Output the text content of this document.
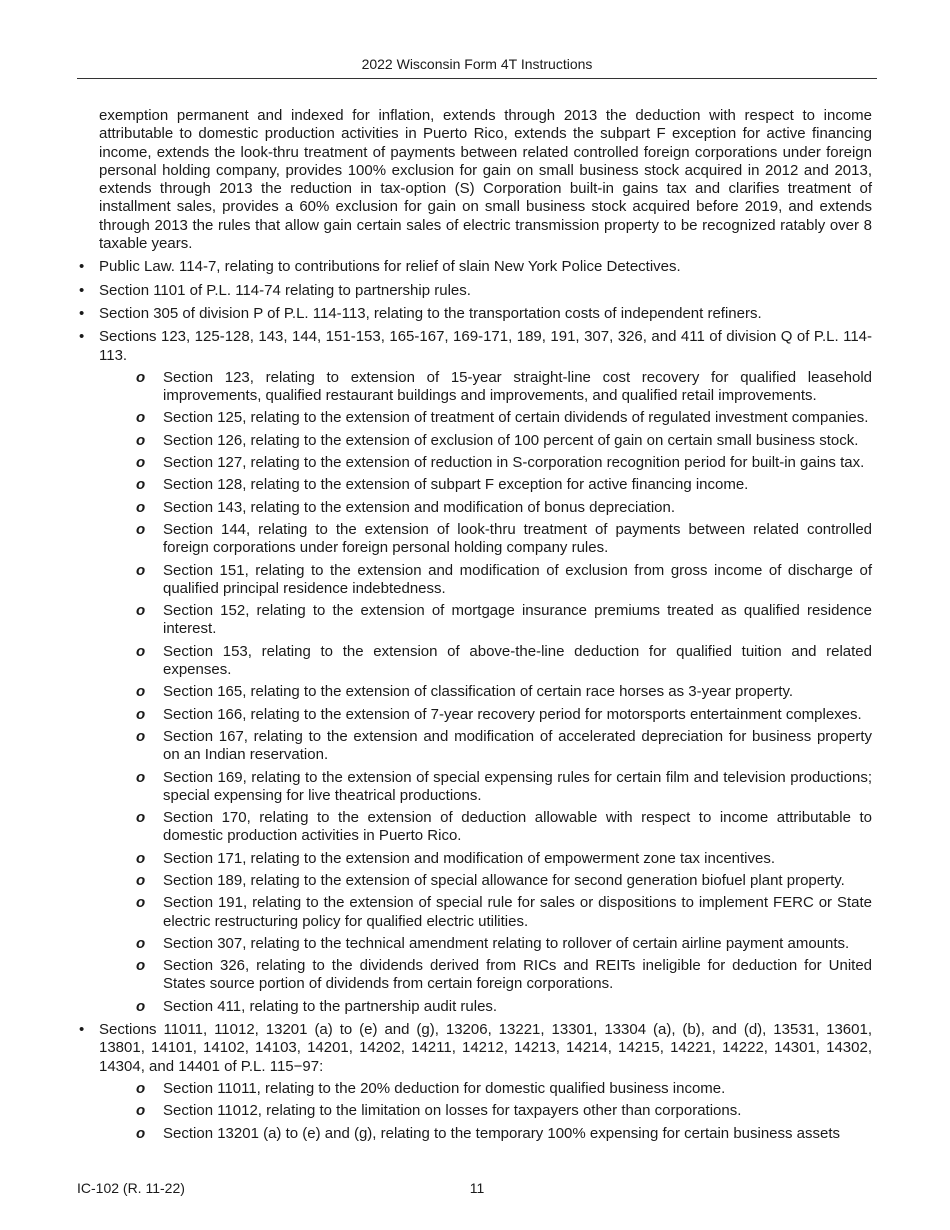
2022 Wisconsin Form 4T Instructions

exemption permanent and indexed for inflation, extends through 2013 the deduction with respect to income attributable to domestic production activities in Puerto Rico, extends the subpart F exception for active financing income, extends the look-thru treatment of payments between related controlled foreign corporations under foreign personal holding company, provides 100% exclusion for gain on small business stock acquired in 2012 and 2013, extends through 2013 the reduction in tax-option (S) Corporation built-in gains tax and clarifies treatment of installment sales, provides a 60% exclusion for gain on small business stock acquired before 2019, and extends through 2013 the rules that allow gain certain sales of electric transmission property to be recognized ratably over 8 taxable years.

• Public Law. 114-7, relating to contributions for relief of slain New York Police Detectives.
• Section 1101 of P.L. 114-74 relating to partnership rules.
• Section 305 of division P of P.L. 114-113, relating to the transportation costs of independent refiners.
• Sections 123, 125-128, 143, 144, 151-153, 165-167, 169-171, 189, 191, 307, 326, and 411 of division Q of P.L. 114-113.
o Section 123, relating to extension of 15-year straight-line cost recovery for qualified leasehold improvements, qualified restaurant buildings and improvements, and qualified retail improvements.
o Section 125, relating to the extension of treatment of certain dividends of regulated investment companies.
o Section 126, relating to the extension of exclusion of 100 percent of gain on certain small business stock.
o Section 127, relating to the extension of reduction in S-corporation recognition period for built-in gains tax.
o Section 128, relating to the extension of subpart F exception for active financing income.
o Section 143, relating to the extension and modification of bonus depreciation.
o Section 144, relating to the extension of look-thru treatment of payments between related controlled foreign corporations under foreign personal holding company rules.
o Section 151, relating to the extension and modification of exclusion from gross income of discharge of qualified principal residence indebtedness.
o Section 152, relating to the extension of mortgage insurance premiums treated as qualified residence interest.
o Section 153, relating to the extension of above-the-line deduction for qualified tuition and related expenses.
o Section 165, relating to the extension of classification of certain race horses as 3-year property.
o Section 166, relating to the extension of 7-year recovery period for motorsports entertainment complexes.
o Section 167, relating to the extension and modification of accelerated depreciation for business property on an Indian reservation.
o Section 169, relating to the extension of special expensing rules for certain film and television productions; special expensing for live theatrical productions.
o Section 170, relating to the extension of deduction allowable with respect to income attributable to domestic production activities in Puerto Rico.
o Section 171, relating to the extension and modification of empowerment zone tax incentives.
o Section 189, relating to the extension of special allowance for second generation biofuel plant property.
o Section 191, relating to the extension of special rule for sales or dispositions to implement FERC or State electric restructuring policy for qualified electric utilities.
o Section 307, relating to the technical amendment relating to rollover of certain airline payment amounts.
o Section 326, relating to the dividends derived from RICs and REITs ineligible for deduction for United States source portion of dividends from certain foreign corporations.
o Section 411, relating to the partnership audit rules.
• Sections 11011, 11012, 13201 (a) to (e) and (g), 13206, 13221, 13301, 13304 (a), (b), and (d), 13531, 13601, 13801, 14101, 14102, 14103, 14201, 14202, 14211, 14212, 14213, 14214, 14215, 14221, 14222, 14301, 14302, 14304, and 14401 of P.L. 115−97:
o Section 11011, relating to the 20% deduction for domestic qualified business income.
o Section 11012, relating to the limitation on losses for taxpayers other than corporations.
o Section 13201 (a) to (e) and (g), relating to the temporary 100% expensing for certain business assets
IC-102 (R. 11-22)	11
